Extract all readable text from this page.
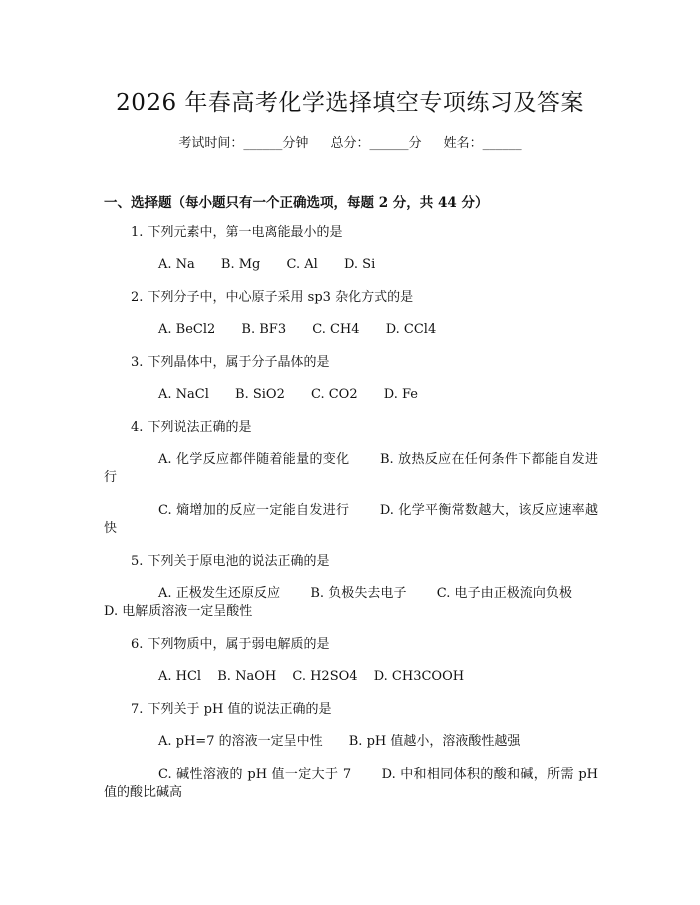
2026 年春高考化学选择填空专项练习及答案
考试时间：______分钟 总分：______分 姓名：______
一、选择题（每小题只有一个正确选项，每题 2 分，共 44 分）
1. 下列元素中，第一电离能最小的是
A. Na B. Mg C. Al D. Si
2. 下列分子中，中心原子采用 sp3 杂化方式的是
A. BeCl2 B. BF3 C. CH4 D. CCl4
3. 下列晶体中，属于分子晶体的是
A. NaCl B. SiO2 C. CO2 D. Fe
4. 下列说法正确的是
A. 化学反应都伴随着能量的变化 B. 放热反应在任何条件下都能自发进行
C. 熵增加的反应一定能自发进行 D. 化学平衡常数越大，该反应速率越快
5. 下列关于原电池的说法正确的是
A. 正极发生还原反应 B. 负极失去电子 C. 电子由正极流向负极 D. 电解质溶液一定呈酸性
6. 下列物质中，属于弱电解质的是
A. HCl B. NaOH C. H2SO4 D. CH3COOH
7. 下列关于 pH 值的说法正确的是
A. pH=7 的溶液一定呈中性 B. pH 值越小，溶液酸性越强
C. 碱性溶液的 pH 值一定大于 7 D. 中和相同体积的酸和碱，所需 pH 值的酸比碱高
